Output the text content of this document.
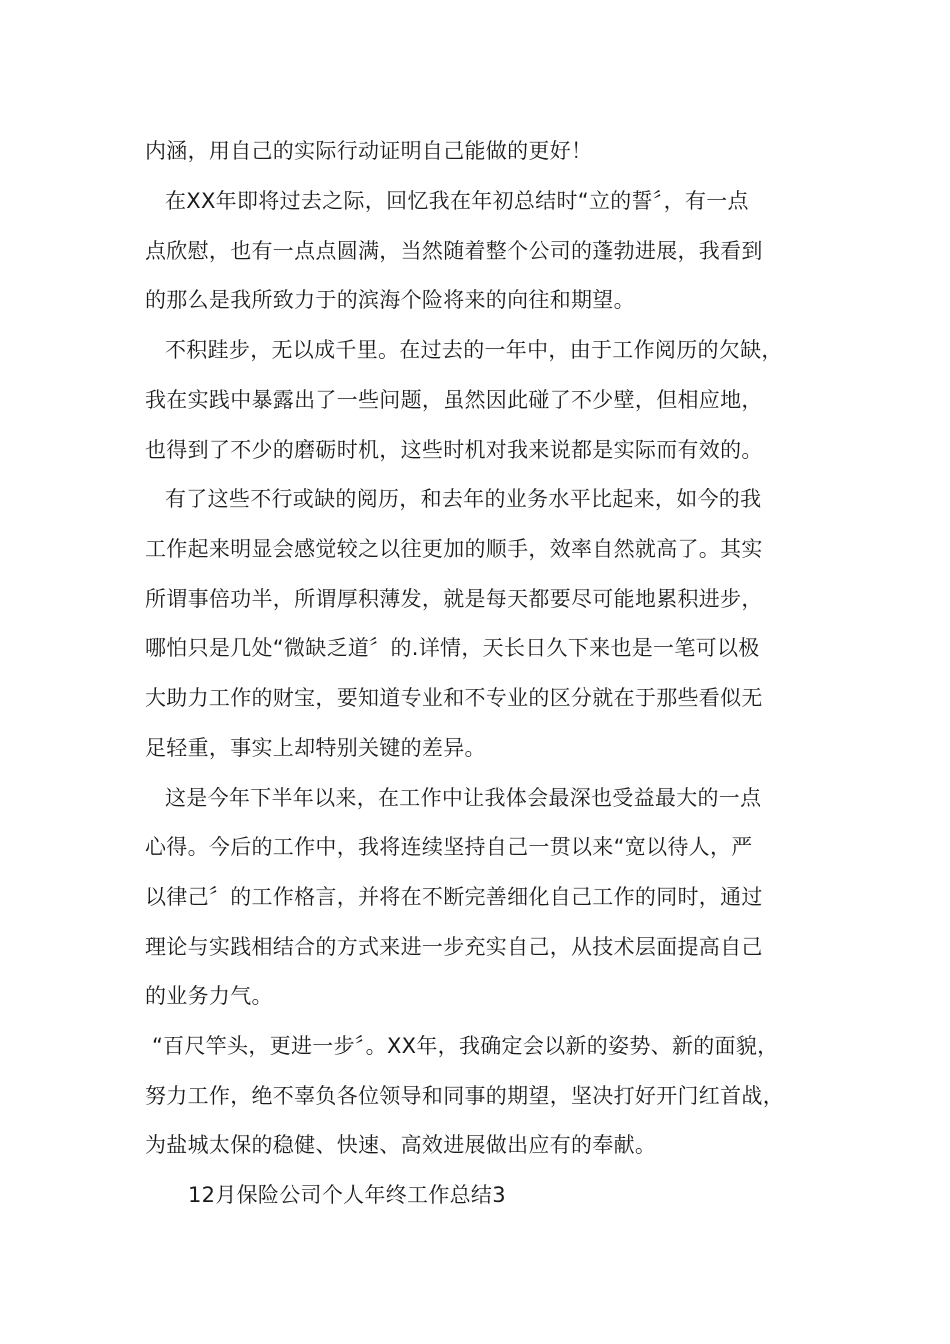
内涵，用自己的实际行动证明自己能做的更好！
在XX年即将过去之际，回忆我在年初总结时“立的誓〞，有一点
点欣慰，也有一点点圆满，当然随着整个公司的蓬勃进展，我看到
的那么是我所致力于的滨海个险将来的向往和期望。
不积跬步，无以成千里。在过去的一年中，由于工作阅历的欠缺，
我在实践中暴露出了一些问题，虽然因此碰了不少壁，但相应地，
也得到了不少的磨砺时机，这些时机对我来说都是实际而有效的。
有了这些不行或缺的阅历，和去年的业务水平比起来，如今的我
工作起来明显会感觉较之以往更加的顺手，效率自然就高了。其实
所谓事倍功半，所谓厚积薄发，就是每天都要尽可能地累积进步，
哪怕只是几处“微缺乏道〞的.详情，天长日久下来也是一笔可以极
大助力工作的财宝，要知道专业和不专业的区分就在于那些看似无
足轻重，事实上却特别关键的差异。
这是今年下半年以来，在工作中让我体会最深也受益最大的一点
心得。今后的工作中，我将连续坚持自己一贯以来“宽以待人，严
以律己〞的工作格言，并将在不断完善细化自己工作的同时，通过
理论与实践相结合的方式来进一步充实自己，从技术层面提高自己
的业务力气。
“百尺竿头，更进一步〞。XX年，我确定会以新的姿势、新的面貌，
努力工作，绝不辜负各位领导和同事的期望，坚决打好开门红首战，
为盐城太保的稳健、快速、高效进展做出应有的奉献。
12月保险公司个人年终工作总结3
